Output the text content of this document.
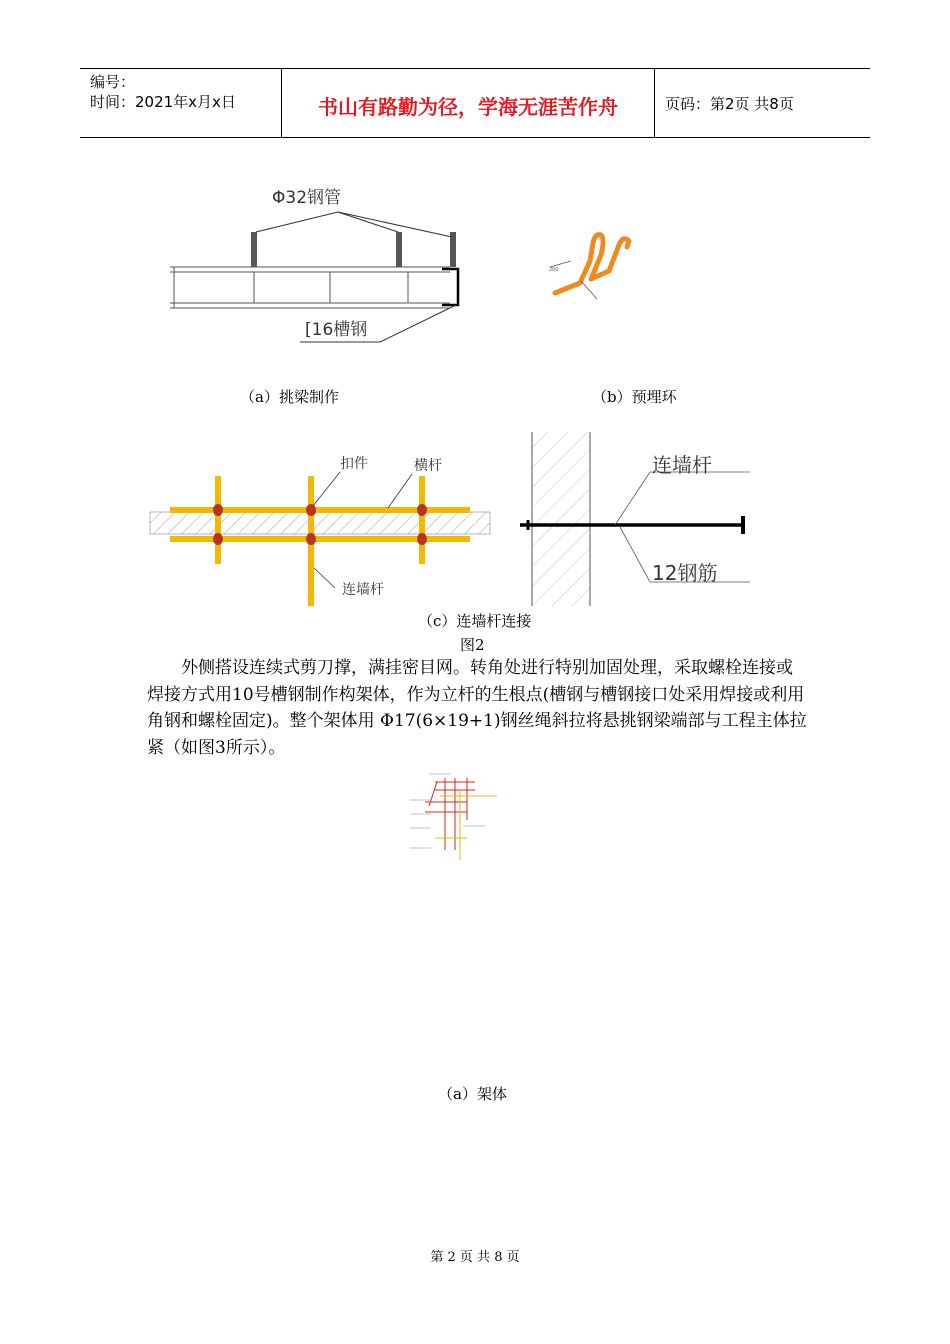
编号：
时间：2021年x月x日	书山有路勤为径，学海无涯苦作舟	页码：第2页 共8页
Φ32钢管
[16槽钢
200
（a）挑梁制作	（b）预埋环
扣件	横杆
连墙杆
连墙杆
12钢筋
（c）连墙杆连接
图2

外侧搭设连续式剪刀撑，满挂密目网。转角处进行特别加固处理，采取螺栓连接或焊接方式用10号槽钢制作构架体，作为立杆的生根点(槽钢与槽钢接口处采用焊接或利用角钢和螺栓固定)。整个架体用 Φ17(6×19+1)钢丝绳斜拉将悬挑钢梁端部与工程主体拉紧（如图3所示）。

（a）架体
第 2 页 共 8 页
